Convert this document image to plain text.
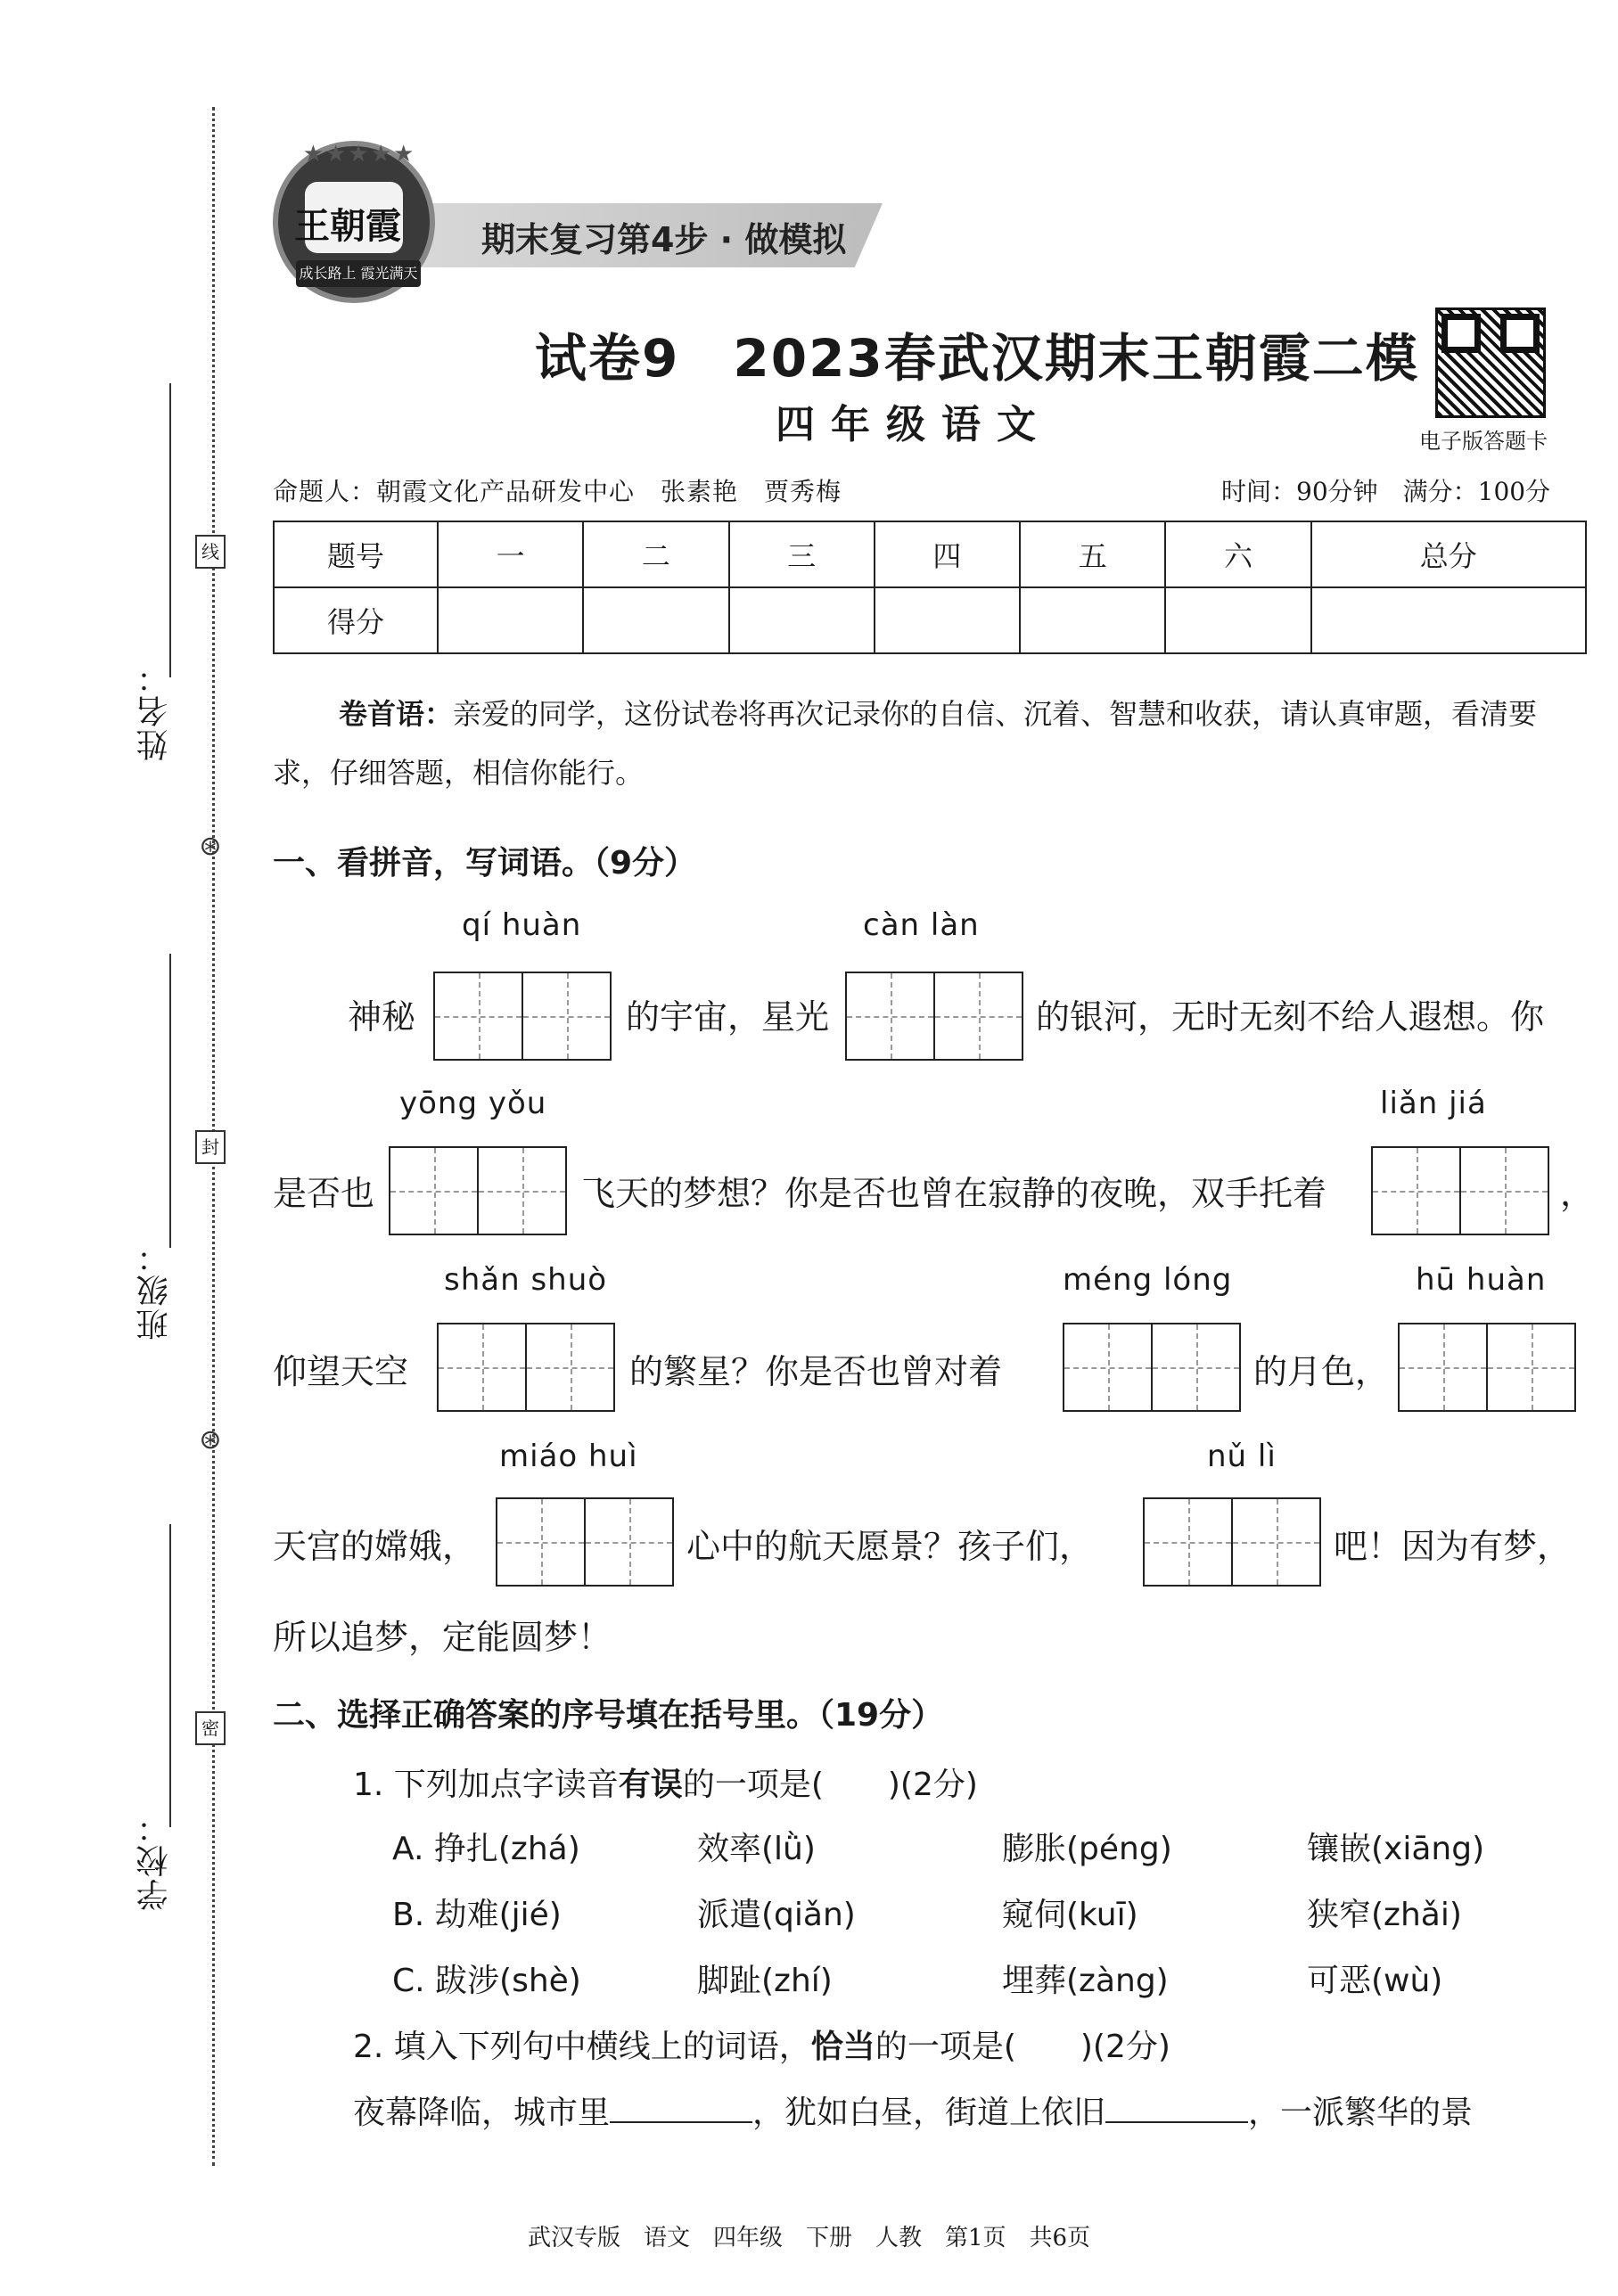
姓名：
班级：
学校：
线
封
密
⊛
⊛
期末复习第4步 · 做模拟
★★★★★
王朝霞
成长路上 霞光满天
试卷9　2023春武汉期末王朝霞二模
四年级语文	电子版答题卡
命题人：朝霞文化产品研发中心　张素艳　贾秀梅	时间：90分钟　满分：100分
题号	一	二	三	四	五	六	总分
得分							
卷首语：亲爱的同学，这份试卷将再次记录你的自信、沉着、智慧和收获，请认真审题，看清要求，仔细答题，相信你能行。
一、看拼音，写词语。（9分）
qí huàn	càn làn
神秘	的宇宙，星光	的银河，无时无刻不给人遐想。你
yōng yǒu	liǎn jiá
是否也	飞天的梦想？你是否也曾在寂静的夜晚，双手托着	，
shǎn shuò	méng lóng	hū huàn
仰望天空	的繁星？你是否也曾对着	的月色，
miáo huì	nǔ lì
天宫的嫦娥，	心中的航天愿景？孩子们，	吧！因为有梦，
所以追梦，定能圆梦！
二、选择正确答案的序号填在括号里。（19分）
1. 下列加点字读音有误的一项是(　　)(2分)
A. 挣扎(zhá)	效率(lǜ)	膨胀(péng)	镶嵌(xiāng)
B. 劫难(jié)	派遣(qiǎn)	窥伺(kuī)	狭窄(zhǎi)
C. 跋涉(shè)	脚趾(zhí)	埋葬(zàng)	可恶(wù)
2. 填入下列句中横线上的词语，恰当的一项是(　　)(2分)
夜幕降临，城市里	，犹如白昼，街道上依旧	，一派繁华的景
武汉专版　语文　四年级　下册　人教　第1页　共6页
